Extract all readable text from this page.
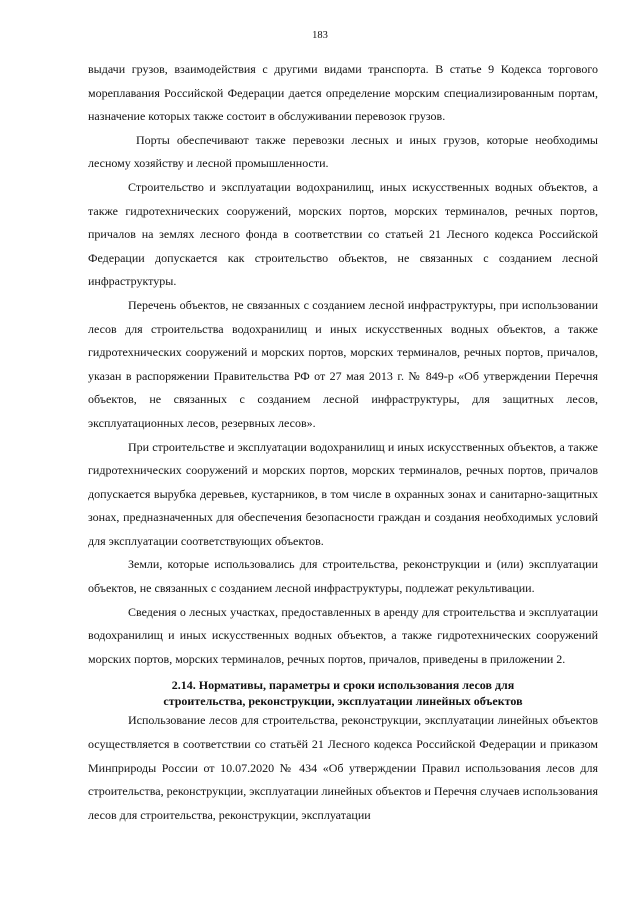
183

выдачи грузов, взаимодействия с другими видами транспорта. В статье 9 Кодекса торгового мореплавания Российской Федерации дается определение морским специализированным портам, назначение которых также состоит в обслуживании перевозок грузов.

Порты обеспечивают также перевозки лесных и иных грузов, которые необходимы лесному хозяйству и лесной промышленности.

Строительство и эксплуатации водохранилищ, иных искусственных водных объектов, а также гидротехнических сооружений, морских портов, морских терминалов, речных портов, причалов на землях лесного фонда в соответствии со статьей 21 Лесного кодекса Российской Федерации допускается как строительство объектов, не связанных с созданием лесной инфраструктуры.

Перечень объектов, не связанных с созданием лесной инфраструктуры, при использовании лесов для строительства водохранилищ и иных искусственных водных объектов, а также гидротехнических сооружений и морских портов, морских терминалов, речных портов, причалов, указан в распоряжении Правительства РФ от 27 мая 2013 г. № 849-р «Об утверждении Перечня объектов, не связанных с созданием лесной инфраструктуры, для защитных лесов, эксплуатационных лесов, резервных лесов».

При строительстве и эксплуатации водохранилищ и иных искусственных объектов, а также гидротехнических сооружений и морских портов, морских терминалов, речных портов, причалов допускается вырубка деревьев, кустарников, в том числе в охранных зонах и санитарно-защитных зонах, предназначенных для обеспечения безопасности граждан и создания необходимых условий для эксплуатации соответствующих объектов.

Земли, которые использовались для строительства, реконструкции и (или) эксплуатации объектов, не связанных с созданием лесной инфраструктуры, подлежат рекультивации.

Сведения о лесных участках, предоставленных в аренду для строительства и эксплуатации водохранилищ и иных искусственных водных объектов, а также гидротехнических сооружений морских портов, морских терминалов, речных портов, причалов, приведены в приложении 2.

2.14. Нормативы, параметры и сроки использования лесов для
строительства, реконструкции, эксплуатации линейных объектов

Использование лесов для строительства, реконструкции, эксплуатации линейных объектов осуществляется в соответствии со статьёй 21 Лесного кодекса Российской Федерации и приказом Минприроды России от 10.07.2020 № 434 «Об утверждении Правил использования лесов для строительства, реконструкции, эксплуатации линейных объектов и Перечня случаев использования лесов для строительства, реконструкции, эксплуатации
